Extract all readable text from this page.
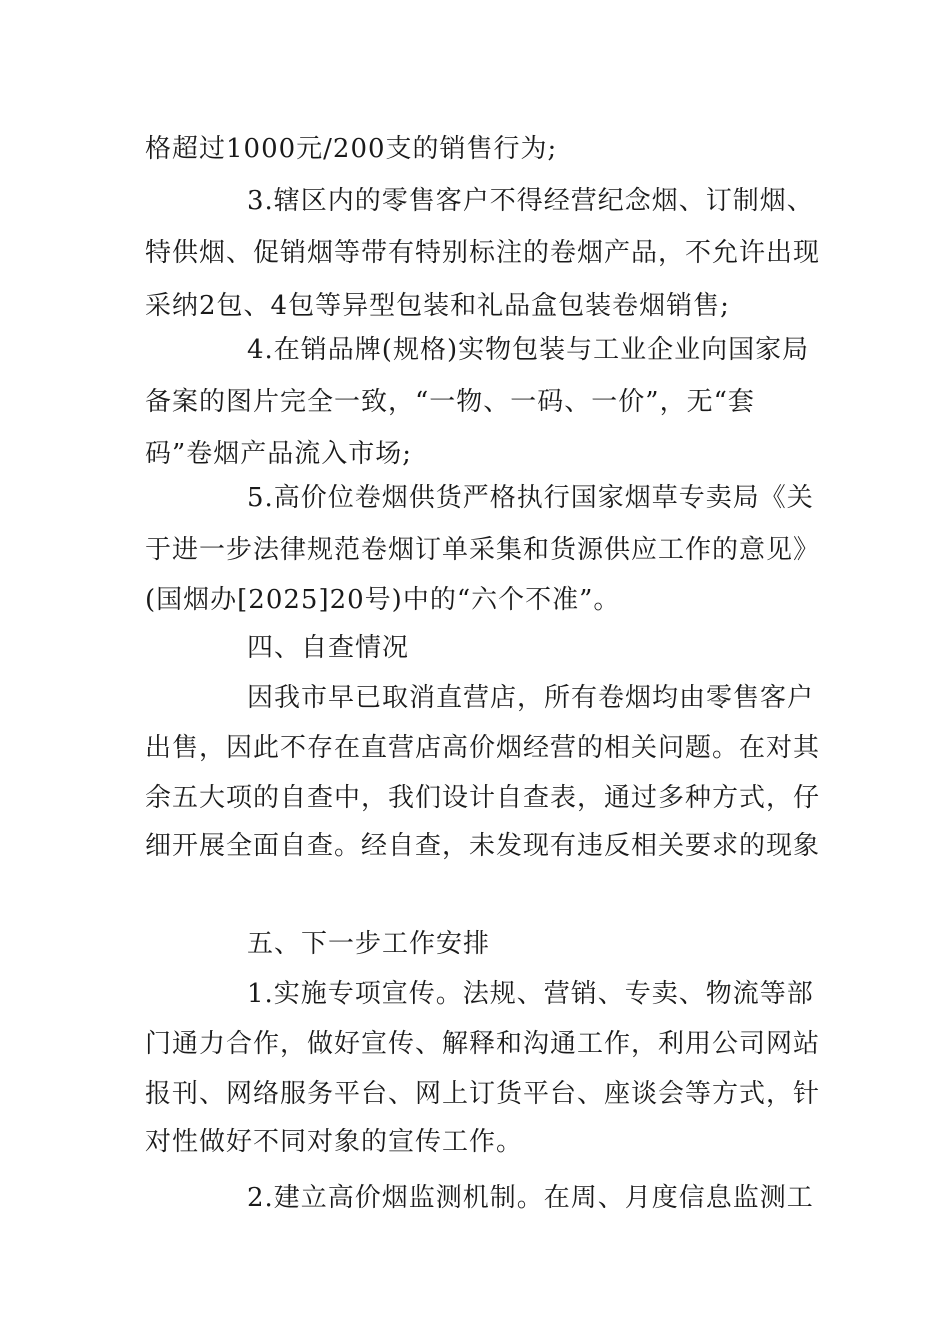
格超过1000元/200支的销售行为;
3.辖区内的零售客户不得经营纪念烟、订制烟、
特供烟、促销烟等带有特别标注的卷烟产品，不允许出现
采纳2包、4包等异型包装和礼品盒包装卷烟销售;
4.在销品牌(规格)实物包装与工业企业向国家局
备案的图片完全一致，“一物、一码、一价”，无“套
码”卷烟产品流入市场;
5.高价位卷烟供货严格执行国家烟草专卖局《关
于进一步法律规范卷烟订单采集和货源供应工作的意见》
(国烟办[2025]20号)中的“六个不准”。
四、自查情况
因我市早已取消直营店，所有卷烟均由零售客户
出售，因此不存在直营店高价烟经营的相关问题。在对其
余五大项的自查中，我们设计自查表，通过多种方式，仔
细开展全面自查。经自查，未发现有违反相关要求的现象
五、下一步工作安排
1.实施专项宣传。法规、营销、专卖、物流等部
门通力合作，做好宣传、解释和沟通工作，利用公司网站
报刊、网络服务平台、网上订货平台、座谈会等方式，针
对性做好不同对象的宣传工作。
2.建立高价烟监测机制。在周、月度信息监测工
